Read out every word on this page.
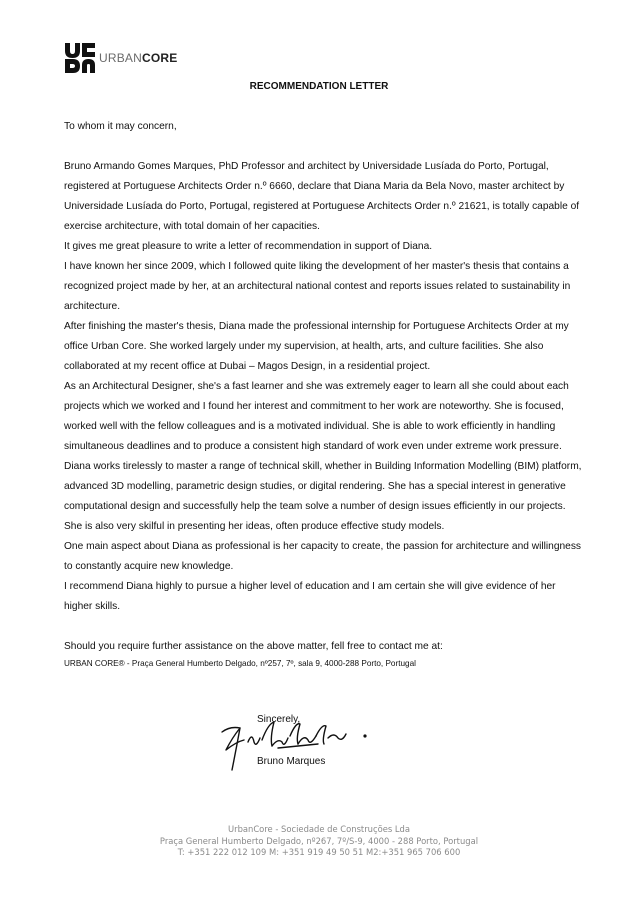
URBANCORE
RECOMMENDATION LETTER

To whom it may concern,

Bruno Armando Gomes Marques, PhD Professor and architect by Universidade Lusíada do Porto, Portugal, registered at Portuguese Architects Order n.º 6660, declare that Diana Maria da Bela Novo, master architect by Universidade Lusíada do Porto, Portugal, registered at Portuguese Architects Order n.º 21621, is totally capable of exercise architecture, with total domain of her capacities.

It gives me great pleasure to write a letter of recommendation in support of Diana.

I have known her since 2009, which I followed quite liking the development of her master's thesis that contains a recognized project made by her, at an architectural national contest and reports issues related to sustainability in architecture.

After finishing the master's thesis, Diana made the professional internship for Portuguese Architects Order at my office Urban Core. She worked largely under my supervision, at health, arts, and culture facilities. She also collaborated at my recent office at Dubai – Magos Design, in a residential project.

As an Architectural Designer, she's a fast learner and she was extremely eager to learn all she could about each projects which we worked and I found her interest and commitment to her work are noteworthy. She is focused, worked well with the fellow colleagues and is a motivated individual. She is able to work efficiently in handling simultaneous deadlines and to produce a consistent high standard of work even under extreme work pressure.

Diana works tirelessly to master a range of technical skill, whether in Building Information Modelling (BIM) platform, advanced 3D modelling, parametric design studies, or digital rendering. She has a special interest in generative computational design and successfully help the team solve a number of design issues efficiently in our projects. She is also very skilful in presenting her ideas, often produce effective study models.

One main aspect about Diana as professional is her capacity to create, the passion for architecture and willingness to constantly acquire new knowledge.

I recommend Diana highly to pursue a higher level of education and I am certain she will give evidence of her higher skills.

Should you require further assistance on the above matter, fell free to contact me at:

URBAN CORE® - Praça General Humberto Delgado, nº257, 7º, sala 9, 4000-288 Porto, Portugal

Sincerely,
Bruno Marques
UrbanCore - Sociedade de Construções Lda
Praça General Humberto Delgado, nº267, 7º/S-9, 4000 - 288 Porto, Portugal
T: +351 222 012 109 M: +351 919 49 50 51 M2:+351 965 706 600
